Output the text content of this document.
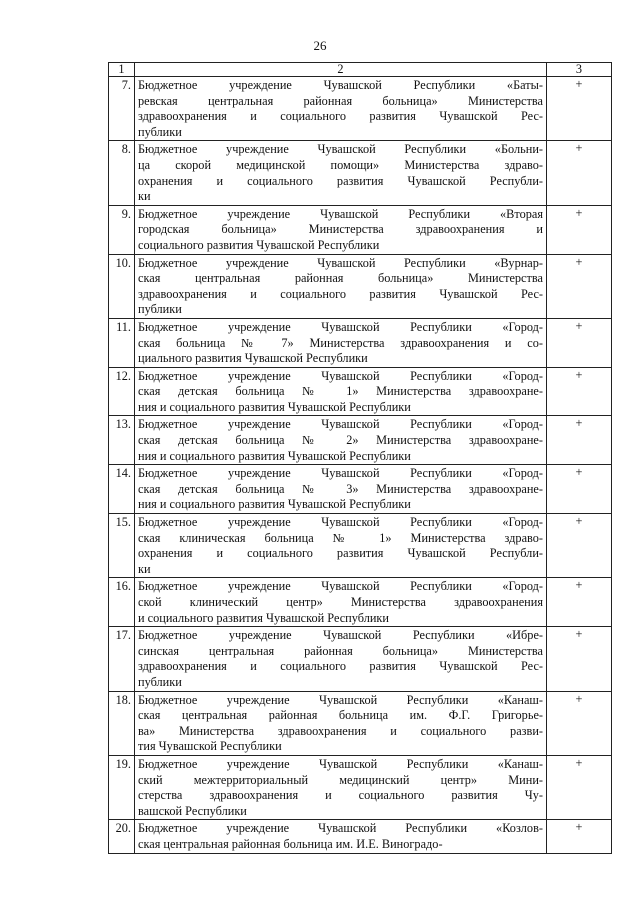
26
1	2	3
7.	Бюджетное учреждение Чувашской Республики «Баты-
ревская центральная районная больница» Министерства
здравоохранения и социального развития Чувашской Рес-
публики	+
8.	Бюджетное учреждение Чувашской Республики «Больни-
ца скорой медицинской помощи» Министерства здраво-
охранения и социального развития Чувашской Республи-
ки	+
9.	Бюджетное учреждение Чувашской Республики «Вторая
городская больница» Министерства здравоохранения и
социального развития Чувашской Республики	+
10.	Бюджетное учреждение Чувашской Республики «Вурнар-
ская центральная районная больница» Министерства
здравоохранения и социального развития Чувашской Рес-
публики	+
11.	Бюджетное учреждение Чувашской Республики «Город-
ская больница № 7» Министерства здравоохранения и со-
циального развития Чувашской Республики	+
12.	Бюджетное учреждение Чувашской Республики «Город-
ская детская больница № 1» Министерства здравоохране-
ния и социального развития Чувашской Республики	+
13.	Бюджетное учреждение Чувашской Республики «Город-
ская детская больница № 2» Министерства здравоохране-
ния и социального развития Чувашской Республики	+
14.	Бюджетное учреждение Чувашской Республики «Город-
ская детская больница № 3» Министерства здравоохране-
ния и социального развития Чувашской Республики	+
15.	Бюджетное учреждение Чувашской Республики «Город-
ская клиническая больница № 1» Министерства здраво-
охранения и социального развития Чувашской Республи-
ки	+
16.	Бюджетное учреждение Чувашской Республики «Город-
ской клинический центр» Министерства здравоохранения
и социального развития Чувашской Республики	+
17.	Бюджетное учреждение Чувашской Республики «Ибре-
синская центральная районная больница» Министерства
здравоохранения и социального развития Чувашской Рес-
публики	+
18.	Бюджетное учреждение Чувашской Республики «Канаш-
ская центральная районная больница им. Ф.Г. Григорье-
ва» Министерства здравоохранения и социального разви-
тия Чувашской Республики	+
19.	Бюджетное учреждение Чувашской Республики «Канаш-
ский межтерриториальный медицинский центр» Мини-
стерства здравоохранения и социального развития Чу-
вашской Республики	+
20.	Бюджетное учреждение Чувашской Республики «Козлов-
ская центральная районная больница им. И.Е. Виноградо-	+
